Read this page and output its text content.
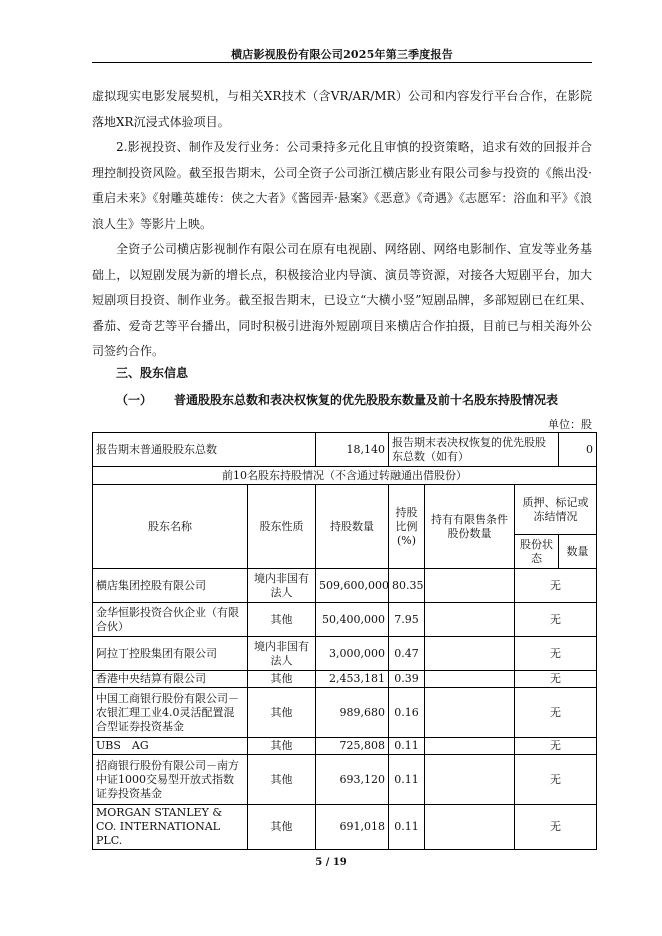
横店影视股份有限公司2025年第三季度报告

虚拟现实电影发展契机，与相关XR技术（含VR/AR/MR）公司和内容发行平台合作，在影院落地XR沉浸式体验项目。

2.影视投资、制作及发行业务：公司秉持多元化且审慎的投资策略，追求有效的回报并合理控制投资风险。截至报告期末，公司全资子公司浙江横店影业有限公司参与投资的《熊出没·重启未来》《射雕英雄传：侠之大者》《酱园弄·悬案》《恶意》《奇遇》《志愿军：浴血和平》《浪浪人生》等影片上映。

全资子公司横店影视制作有限公司在原有电视剧、网络剧、网络电影制作、宣发等业务基础上，以短剧发展为新的增长点，积极接洽业内导演、演员等资源，对接各大短剧平台，加大短剧项目投资、制作业务。截至报告期末，已设立“大横小竖”短剧品牌，多部短剧已在红果、番茄、爱奇艺等平台播出，同时积极引进海外短剧项目来横店合作拍摄，目前已与相关海外公司签约合作。

三、股东信息
（一） 普通股股东总数和表决权恢复的优先股股东数量及前十名股东持股情况表
单位：股
报告期末普通股股东总数		18,140	报告期末表决权恢复的优先股股东总数（如有）			0
前10名股东持股情况（不含通过转融通出借股份）						
股东名称	股东性质	持股数量	持股比例(%)	持有有限售条件股份数量	质押、标记或冻结情况	
					股份状态	数量
横店集团控股有限公司	境内非国有法人	509,600,000	80.35		无	
金华恒影投资合伙企业（有限合伙）	其他	50,400,000	7.95		无	
阿拉丁控股集团有限公司	境内非国有法人	3,000,000	0.47		无	
香港中央结算有限公司	其他	2,453,181	0.39		无	
中国工商银行股份有限公司－农银汇理工业4.0灵活配置混合型证券投资基金	其他	989,680	0.16		无	
UBS　AG	其他	725,808	0.11		无	
招商银行股份有限公司－南方中证1000交易型开放式指数证券投资基金	其他	693,120	0.11		无	
MORGAN STANLEY & CO. INTERNATIONAL PLC.	其他	691,018	0.11		无	
5 / 19
